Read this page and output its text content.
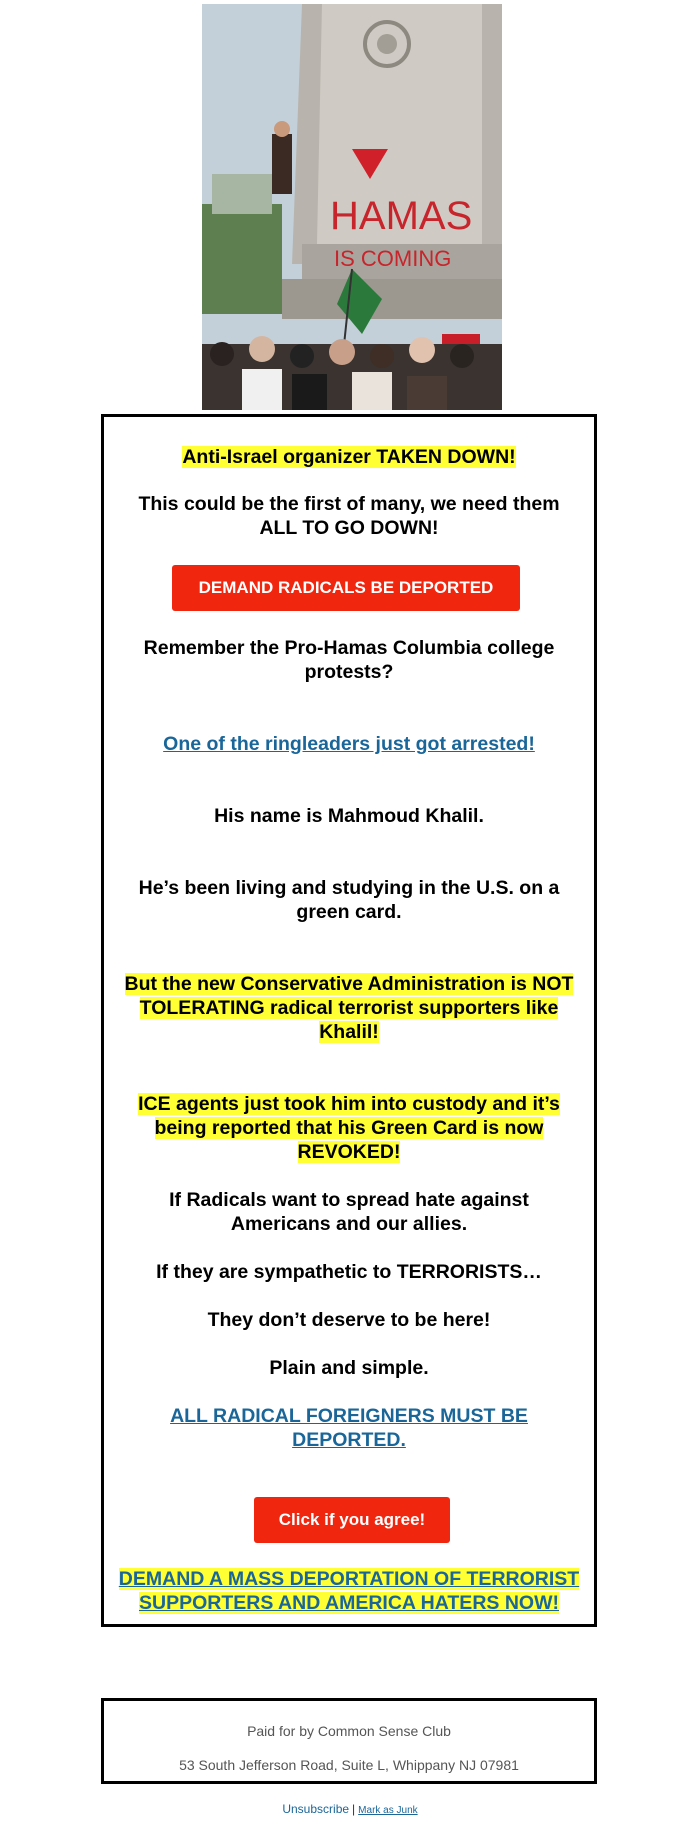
HAMAS
IS COMING
Anti-Israel organizer TAKEN DOWN!
This could be the first of many, we need them
ALL TO GO DOWN!
DEMAND RADICALS BE DEPORTED
Remember the Pro-Hamas Columbia college
protests?
One of the ringleaders just got arrested!
His name is Mahmoud Khalil.
He’s been living and studying in the U.S. on a
green card.
But the new Conservative Administration is NOT
TOLERATING radical terrorist supporters like
Khalil!
ICE agents just took him into custody and it’s
being reported that his Green Card is now
REVOKED!
If Radicals want to spread hate against
Americans and our allies.
If they are sympathetic to TERRORISTS…
They don’t deserve to be here!
Plain and simple.
ALL RADICAL FOREIGNERS MUST BE
DEPORTED.
Click if you agree!
DEMAND A MASS DEPORTATION OF TERRORIST
SUPPORTERS AND AMERICA HATERS NOW!
Paid for by Common Sense Club
53 South Jefferson Road, Suite L, Whippany NJ 07981
Unsubscribe | Mark as Junk
